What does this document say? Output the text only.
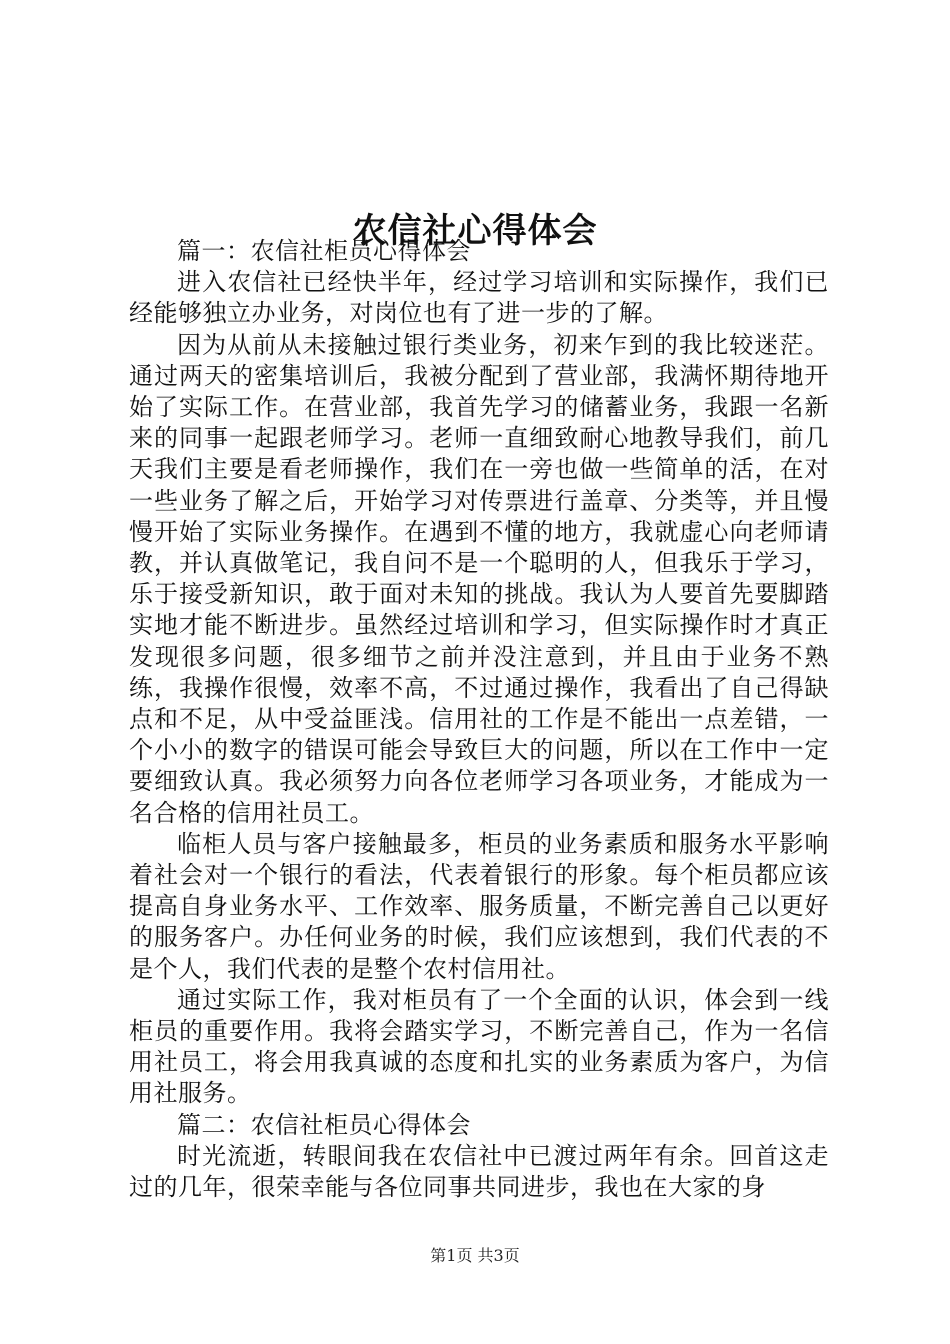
农信社心得体会

篇一：农信社柜员心得体会

进入农信社已经快半年，经过学习培训和实际操作，我们已经能够独立办业务，对岗位也有了进一步的了解。

因为从前从未接触过银行类业务，初来乍到的我比较迷茫。通过两天的密集培训后，我被分配到了营业部，我满怀期待地开始了实际工作。在营业部，我首先学习的储蓄业务，我跟一名新来的同事一起跟老师学习。老师一直细致耐心地教导我们，前几天我们主要是看老师操作，我们在一旁也做一些简单的活，在对一些业务了解之后，开始学习对传票进行盖章、分类等，并且慢慢开始了实际业务操作。在遇到不懂的地方，我就虚心向老师请教，并认真做笔记，我自问不是一个聪明的人，但我乐于学习，乐于接受新知识，敢于面对未知的挑战。我认为人要首先要脚踏实地才能不断进步。虽然经过培训和学习，但实际操作时才真正发现很多问题，很多细节之前并没注意到，并且由于业务不熟练，我操作很慢，效率不高，不过通过操作，我看出了自己得缺点和不足，从中受益匪浅。信用社的工作是不能出一点差错，一个小小的数字的错误可能会导致巨大的问题，所以在工作中一定要细致认真。我必须努力向各位老师学习各项业务，才能成为一名合格的信用社员工。

临柜人员与客户接触最多，柜员的业务素质和服务水平影响着社会对一个银行的看法，代表着银行的形象。每个柜员都应该提高自身业务水平、工作效率、服务质量，不断完善自己以更好的服务客户。办任何业务的时候，我们应该想到，我们代表的不是个人，我们代表的是整个农村信用社。

通过实际工作，我对柜员有了一个全面的认识，体会到一线柜员的重要作用。我将会踏实学习，不断完善自己，作为一名信用社员工，将会用我真诚的态度和扎实的业务素质为客户，为信用社服务。

篇二：农信社柜员心得体会

时光流逝，转眼间我在农信社中已渡过两年有余。回首这走过的几年，很荣幸能与各位同事共同进步，我也在大家的身

第1页 共3页
